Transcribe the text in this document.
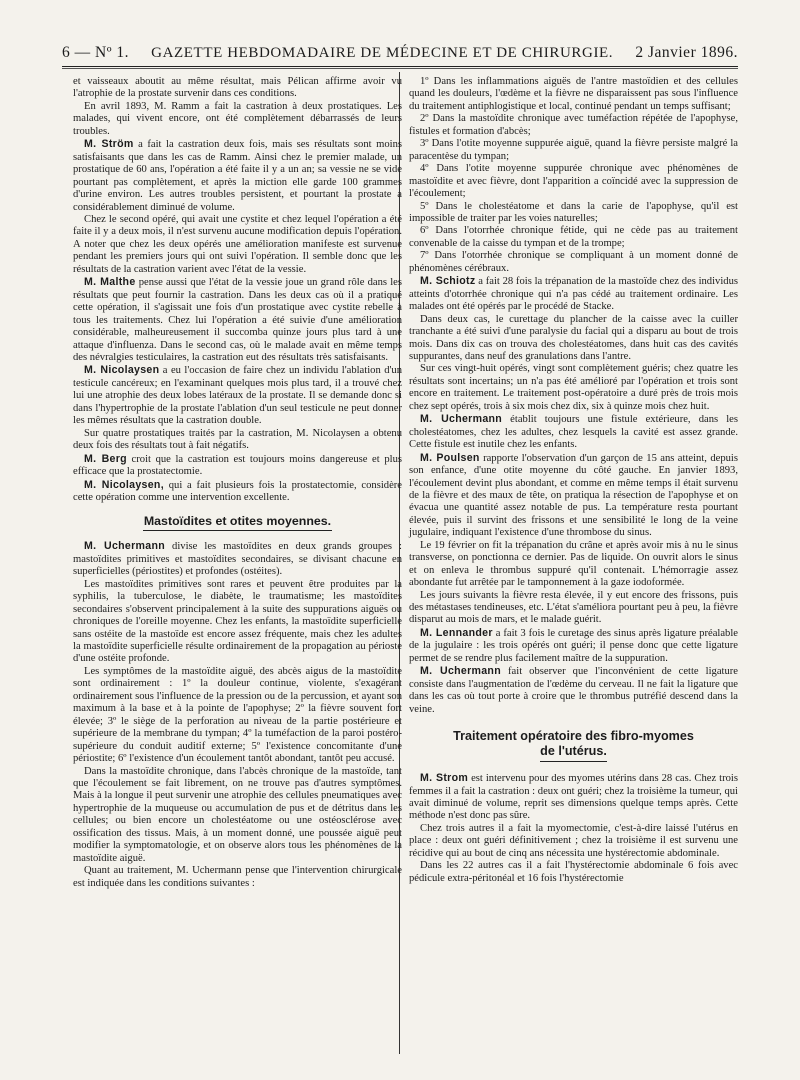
6 — Nº 1. GAZETTE HEBDOMADAIRE DE MÉDECINE ET DE CHIRURGIE. 2 Janvier 1896.

et vaisseaux aboutit au même résultat, mais Pélican affirme avoir vu l'atrophie de la prostate survenir dans ces conditions.

En avril 1893, M. Ramm a fait la castration à deux prostatiques. Les malades, qui vivent encore, ont été complètement débarrassés de leurs troubles.

M. Ström a fait la castration deux fois, mais ses résultats sont moins satisfaisants que dans les cas de Ramm. Ainsi chez le premier malade, un prostatique de 60 ans, l'opération a été faite il y a un an; sa vessie ne se vide pourtant pas complètement, et après la miction elle garde 100 grammes d'urine environ. Les autres troubles persistent, et pourtant la prostate a considérablement diminué de volume.

Chez le second opéré, qui avait une cystite et chez lequel l'opération a été faite il y a deux mois, il n'est survenu aucune modification depuis l'opération. A noter que chez les deux opérés une amélioration manifeste est survenue pendant les premiers jours qui ont suivi l'opération. Il semble donc que les résultats de la castration varient avec l'état de la vessie.

M. Malthe pense aussi que l'état de la vessie joue un grand rôle dans les résultats que peut fournir la castration. Dans les deux cas où il a pratiqué cette opération, il s'agissait une fois d'un prostatique avec cystite rebelle à tous les traitements. Chez lui l'opération a été suivie d'une amélioration considérable, malheureusement il succomba quinze jours plus tard à une attaque d'influenza. Dans le second cas, où le malade avait en même temps des névralgies testiculaires, la castration eut des résultats très satisfaisants.

M. Nicolaysen a eu l'occasion de faire chez un individu l'ablation d'un testicule cancéreux; en l'examinant quelques mois plus tard, il a trouvé chez lui une atrophie des deux lobes latéraux de la prostate. Il se demande donc si dans l'hypertrophie de la prostate l'ablation d'un seul testicule ne peut donner les mêmes résultats que la castration double.

Sur quatre prostatiques traités par la castration, M. Nicolaysen a obtenu deux fois des résultats tout à fait négatifs.

M. Berg croit que la castration est toujours moins dangereuse et plus efficace que la prostatectomie.

M. Nicolaysen, qui a fait plusieurs fois la prostatectomie, considère cette opération comme une intervention excellente.

Mastoïdites et otites moyennes.

M. Uchermann divise les mastoïdites en deux grands groupes : mastoïdites primitives et mastoïdites secondaires, se divisant chacune en superficielles (périostites) et profondes (ostéites).

Les mastoïdites primitives sont rares et peuvent être produites par la syphilis, la tuberculose, le diabète, le traumatisme; les mastoïdites secondaires s'observent principalement à la suite des suppurations aiguës ou chroniques de l'oreille moyenne. Chez les enfants, la mastoïdite superficielle sans ostéite de la mastoïde est encore assez fréquente, mais chez les adultes la mastoïdite superficielle résulte ordinairement de la propagation au périoste d'une ostéite profonde.

Les symptômes de la mastoïdite aiguë, des abcès aigus de la mastoïdite sont ordinairement : 1º la douleur continue, violente, s'exagérant ordinairement sous l'influence de la pression ou de la percussion, et ayant son maximum à la base et à la pointe de l'apophyse; 2º la fièvre souvent fort élevée; 3º le siège de la perforation au niveau de la partie postérieure et supérieure de la membrane du tympan; 4º la tuméfaction de la paroi postéro-supérieure du conduit auditif externe; 5º l'existence concomitante d'une périostite; 6º l'existence d'un écoulement tantôt abondant, tantôt peu accusé.

Dans la mastoïdite chronique, dans l'abcès chronique de la mastoïde, tant que l'écoulement se fait librement, on ne trouve pas d'autres symptômes. Mais à la longue il peut survenir une atrophie des cellules pneumatiques avec hypertrophie de la muqueuse ou accumulation de pus et de détritus dans les cellules; ou bien encore un cholestéatome ou une ostéosclérose avec ossification des tissus. Mais, à un moment donné, une poussée aiguë peut modifier la symptomatologie, et on observe alors tous les phénomènes de la mastoïdite aiguë.

Quant au traitement, M. Uchermann pense que l'intervention chirurgicale est indiquée dans les conditions suivantes :

1º Dans les inflammations aiguës de l'antre mastoïdien et des cellules quand les douleurs, l'œdème et la fièvre ne disparaissent pas sous l'influence du traitement antiphlogistique et local, continué pendant un temps suffisant;

2º Dans la mastoïdite chronique avec tuméfaction répétée de l'apophyse, fistules et formation d'abcès;

3º Dans l'otite moyenne suppurée aiguë, quand la fièvre persiste malgré la paracentèse du tympan;

4º Dans l'otite moyenne suppurée chronique avec phénomènes de mastoïdite et avec fièvre, dont l'apparition a coïncidé avec la suppression de l'écoulement;

5º Dans le cholestéatome et dans la carie de l'apophyse, qu'il est impossible de traiter par les voies naturelles;

6º Dans l'otorrhée chronique fétide, qui ne cède pas au traitement convenable de la caisse du tympan et de la trompe;

7º Dans l'otorrhée chronique se compliquant à un moment donné de phénomènes cérébraux.

M. Schiotz a fait 28 fois la trépanation de la mastoïde chez des individus atteints d'otorrhée chronique qui n'a pas cédé au traitement ordinaire. Les malades ont été opérés par le procédé de Stacke.

Dans deux cas, le curettage du plancher de la caisse avec la cuiller tranchante a été suivi d'une paralysie du facial qui a disparu au bout de trois mois. Dans dix cas on trouva des cholestéatomes, dans huit cas des cavités suppurantes, dans neuf des granulations dans l'antre.

Sur ces vingt-huit opérés, vingt sont complètement guéris; chez quatre les résultats sont incertains; un n'a pas été amélioré par l'opération et trois sont encore en traitement. Le traitement post-opératoire a duré près de trois mois chez sept opérés, trois à six mois chez dix, six à quinze mois chez huit.

M. Uchermann établit toujours une fistule extérieure, dans les cholestéatomes, chez les adultes, chez lesquels la cavité est assez grande. Cette fistule est inutile chez les enfants.

M. Poulsen rapporte l'observation d'un garçon de 15 ans atteint, depuis son enfance, d'une otite moyenne du côté gauche. En janvier 1893, l'écoulement devint plus abondant, et comme en même temps il était survenu de la fièvre et des maux de tête, on pratiqua la résection de l'apophyse et on évacua une quantité assez notable de pus. La température resta pourtant élevée, puis il survint des frissons et une sensibilité le long de la veine jugulaire, indiquant l'existence d'une thrombose du sinus.

Le 19 février on fit la trépanation du crâne et après avoir mis à nu le sinus transverse, on ponctionna ce dernier. Pas de liquide. On ouvrit alors le sinus et on enleva le thrombus suppuré qu'il contenait. L'hémorragie assez abondante fut arrêtée par le tamponnement à la gaze iodoformée.

Les jours suivants la fièvre resta élevée, il y eut encore des frissons, puis des métastases tendineuses, etc. L'état s'améliora pourtant peu à peu, la fièvre disparut au mois de mars, et le malade guérit.

M. Lennander a fait 3 fois le curetage des sinus après ligature préalable de la jugulaire : les trois opérés ont guéri; il pense donc que cette ligature permet de se rendre plus facilement maître de la suppuration.

M. Uchermann fait observer que l'inconvénient de cette ligature consiste dans l'augmentation de l'œdème du cerveau. Il ne fait la ligature que dans les cas où tout porte à croire que le thrombus putréfié descend dans la veine.

Traitement opératoire des fibro-myomes
de l'utérus.

M. Strom est intervenu pour des myomes utérins dans 28 cas. Chez trois femmes il a fait la castration : deux ont guéri; chez la troisième la tumeur, qui avait diminué de volume, reprit ses dimensions quelque temps après. Cette méthode n'est donc pas sûre.

Chez trois autres il a fait la myomectomie, c'est-à-dire laissé l'utérus en place : deux ont guéri définitivement ; chez la troisième il est survenu une récidive qui au bout de cinq ans nécessita une hystérectomie abdominale.

Dans les 22 autres cas il a fait l'hystérectomie abdominale 6 fois avec pédicule extra-péritonéal et 16 fois l'hystérectomie
